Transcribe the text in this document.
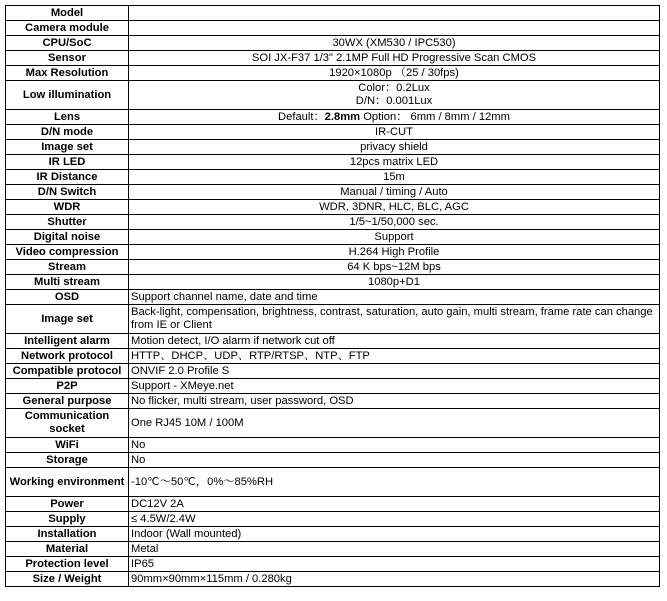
Model	
Camera module	
CPU/SoC	30WX (XM530 / IPC530)
Sensor	SOI JX-F37 1/3" 2.1MP Full HD Progressive Scan CMOS
Max Resolution	1920×1080p （25 / 30fps)
Low illumination	Color：0.2Lux
D/N：0.001Lux

Lens	Default：2.8mm Option： 6mm / 8mm / 12mm
D/N mode	IR-CUT
Image set	privacy shield
IR LED	12pcs matrix LED
IR Distance	15m
D/N Switch	Manual / timing / Auto
WDR	WDR, 3DNR, HLC, BLC, AGC
Shutter	1/5~1/50,000 sec.
Digital noise	Support
Video compression	H.264 High Profile
Stream	64 K bps~12M bps
Multi stream	1080p+D1
OSD	Support channel name, date and time
Image set	Back-light, compensation, brightness, contrast, saturation, auto gain, multi stream, frame rate can change from IE or Client
Intelligent alarm	Motion detect, I/O alarm if network cut off
Network protocol	HTTP、DHCP、UDP、RTP/RTSP、NTP、FTP
Compatible protocol	ONVIF 2.0 Profile S
P2P	Support - XMeye.net
General purpose	No flicker, multi stream, user password, OSD
Communication socket	One RJ45 10M / 100M
WiFi	No
Storage	No
Working environment	-10℃～50℃，0%～85%RH
Power	DC12V 2A
Supply	≤ 4.5W/2.4W
Installation	Indoor (Wall mounted)
Material	Metal
Protection level	IP65
Size / Weight	90mm×90mm×115mm / 0.280kg
